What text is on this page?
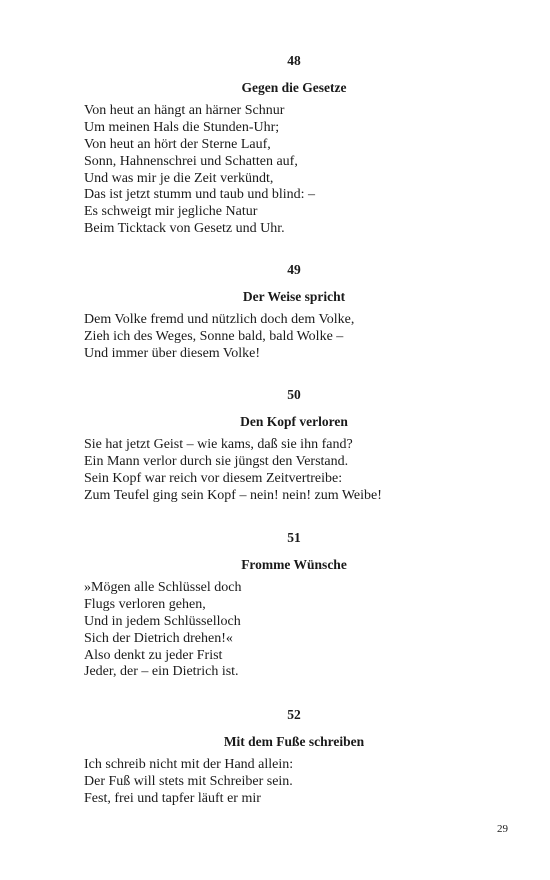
48
Gegen die Gesetze
Von heut an hängt an härner Schnur
Um meinen Hals die Stunden-Uhr;
Von heut an hört der Sterne Lauf,
Sonn, Hahnenschrei und Schatten auf,
Und was mir je die Zeit verkündt,
Das ist jetzt stumm und taub und blind: –
Es schweigt mir jegliche Natur
Beim Ticktack von Gesetz und Uhr.
49
Der Weise spricht
Dem Volke fremd und nützlich doch dem Volke,
Zieh ich des Weges, Sonne bald, bald Wolke –
Und immer über diesem Volke!
50
Den Kopf verloren
Sie hat jetzt Geist – wie kams, daß sie ihn fand?
Ein Mann verlor durch sie jüngst den Verstand.
Sein Kopf war reich vor diesem Zeitvertreibe:
Zum Teufel ging sein Kopf – nein! nein! zum Weibe!
51
Fromme Wünsche
»Mögen alle Schlüssel doch
Flugs verloren gehen,
Und in jedem Schlüsselloch
Sich der Dietrich drehen!«
Also denkt zu jeder Frist
Jeder, der – ein Dietrich ist.
52
Mit dem Fuße schreiben
Ich schreib nicht mit der Hand allein:
Der Fuß will stets mit Schreiber sein.
Fest, frei und tapfer läuft er mir
29
